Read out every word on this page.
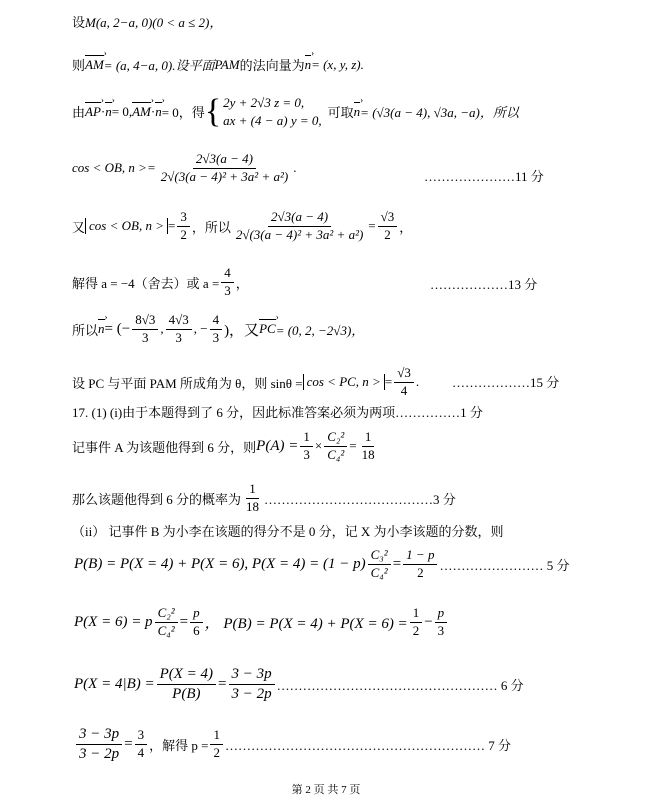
设 M(a, 2−a, 0)(0 < a ≤ 2)，
则 AM › = (a, 4−a, 0).设平面 PAM 的法向量为 n › = (x, y, z).
由 AP › · n › = 0, AM › · n › = 0，得 { 2y + 2√3 z = 0,
ax + (4 − a) y = 0, 可取 n › = (√3(a − 4), √3a, −a)，所以
cos < OB, $n >= \frac{2√3(a - 4)}{\text{2√(3(a − 4)² + 3a² + a²)}}$ .
…………………11 分
又 cos < OB, n > = $\frac{3}{2}$ ，所以 $\frac{2√3(a - 4)}{\text{2√(3(a − 4)² + 3a² + a²)}} = \frac{√3}{2}$ ，
解得 a = −4（舍去）或 $a = \frac{4}{3}$ ，	………………13 分
所以 n › = (− $\frac{8√3}{3}$ , $\frac{4√3}{3}$ , − $\frac{4}{3}$ )，又 PC › = (0, 2, −2√3)，
设 PC 与平面 PAM 所成角为 θ，则 sinθ = cos < PC, n > = $\frac{√3}{4}$ .	………………15 分
17. (1) (i)由于本题得到了 6 分，因此标准答案必须为两项……………1 分
记事件 A 为该题他得到 6 分，则 $P(A) = \frac{1}{3} \times \frac{\text{C₂²}}{\text{C₄²}} = \frac{1}{18}$
那么该题他得到 6 分的概率为 $\frac{1}{18}$ …………………………………3 分
（ii） 记事件 B 为小李在该题的得分不是 0 分，记 X 为小李该题的分数，则
P(B) = P(X = 4) + P(X = 6), $P(X = 4) = (1 - p) \frac{\text{C₃²}}{\text{C₄²}} = \frac{1 - p}{2}$ …………………… 5 分
P(X = 6) = p $\frac{\text{C₂²}}{\text{C₄²}} = \frac{p}{6}$ ， $P(B) = P(X = 4) + P(X = 6) = \frac{1}{2} - \frac{p}{3}$
$P(X = 4|B) = \frac{P(X = 4)}{P(B)} = \frac{3 - 3p}{3 - 2p}$ …………………………………………… 6 分
$\frac{3 - 3p}{3 - 2p} = \frac{3}{4}$ ，解得 $p = \frac{1}{2}$ …………………………………………………… 7 分
第 2 页 共 7 页
